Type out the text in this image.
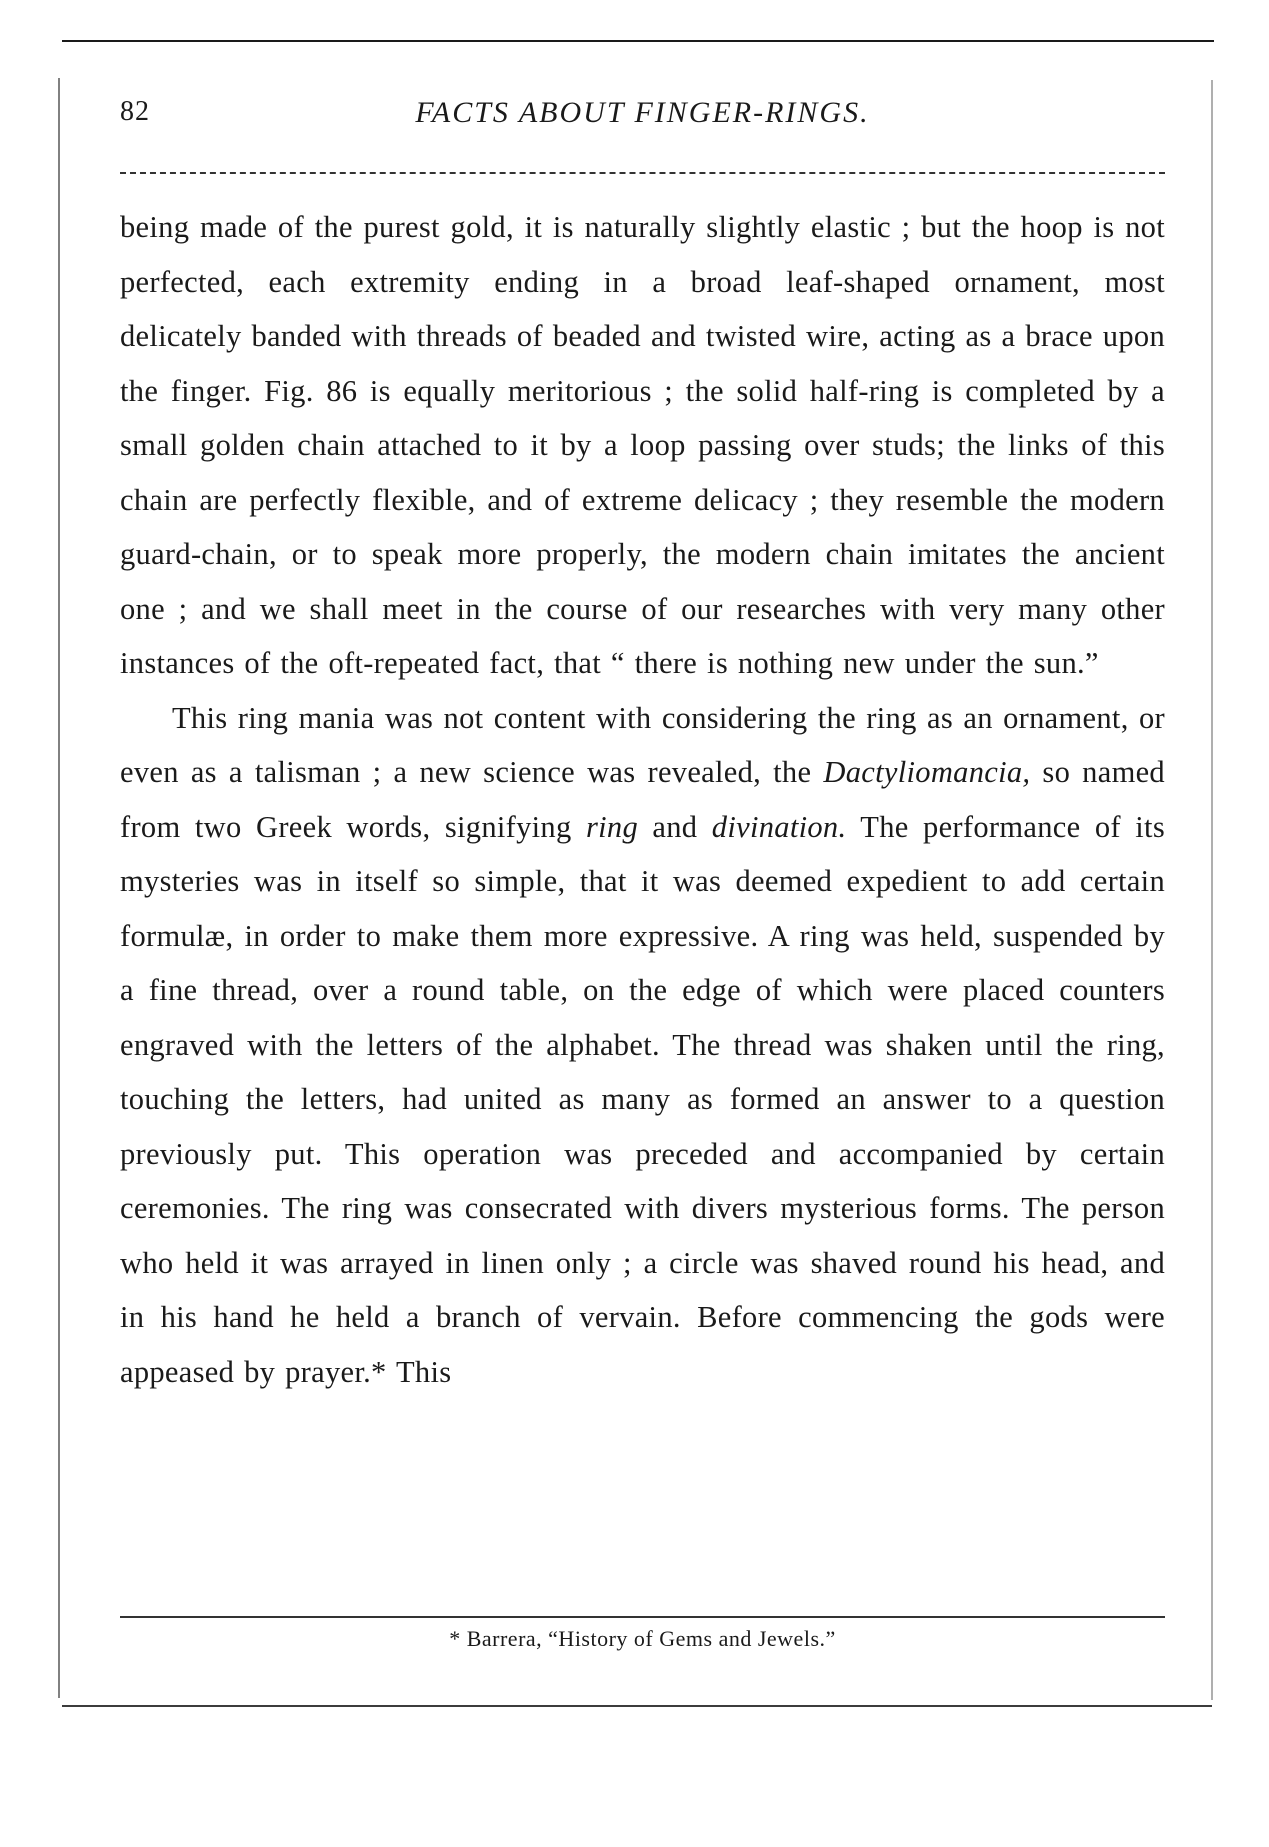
82	FACTS ABOUT FINGER-RINGS.

being made of the purest gold, it is naturally slightly elastic ; but the hoop is not perfected, each extremity ending in a broad leaf-shaped ornament, most delicately banded with threads of beaded and twisted wire, acting as a brace upon the finger. Fig. 86 is equally meritorious ; the solid half-ring is completed by a small golden chain attached to it by a loop passing over studs; the links of this chain are perfectly flexible, and of extreme delicacy ; they resemble the modern guard-chain, or to speak more properly, the modern chain imitates the ancient one ; and we shall meet in the course of our researches with very many other instances of the oft-repeated fact, that “ there is nothing new under the sun.”

This ring mania was not content with considering the ring as an ornament, or even as a talisman ; a new science was revealed, the Dactyliomancia, so named from two Greek words, signifying ring and divination. The performance of its mysteries was in itself so simple, that it was deemed expedient to add certain formulæ, in order to make them more expressive. A ring was held, suspended by a fine thread, over a round table, on the edge of which were placed counters engraved with the letters of the alphabet. The thread was shaken until the ring, touching the letters, had united as many as formed an answer to a question previously put. This operation was preceded and accompanied by certain ceremonies. The ring was consecrated with divers mysterious forms. The person who held it was arrayed in linen only ; a circle was shaved round his head, and in his hand he held a branch of vervain. Before commencing the gods were appeased by prayer.* This

* Barrera, “History of Gems and Jewels.”
